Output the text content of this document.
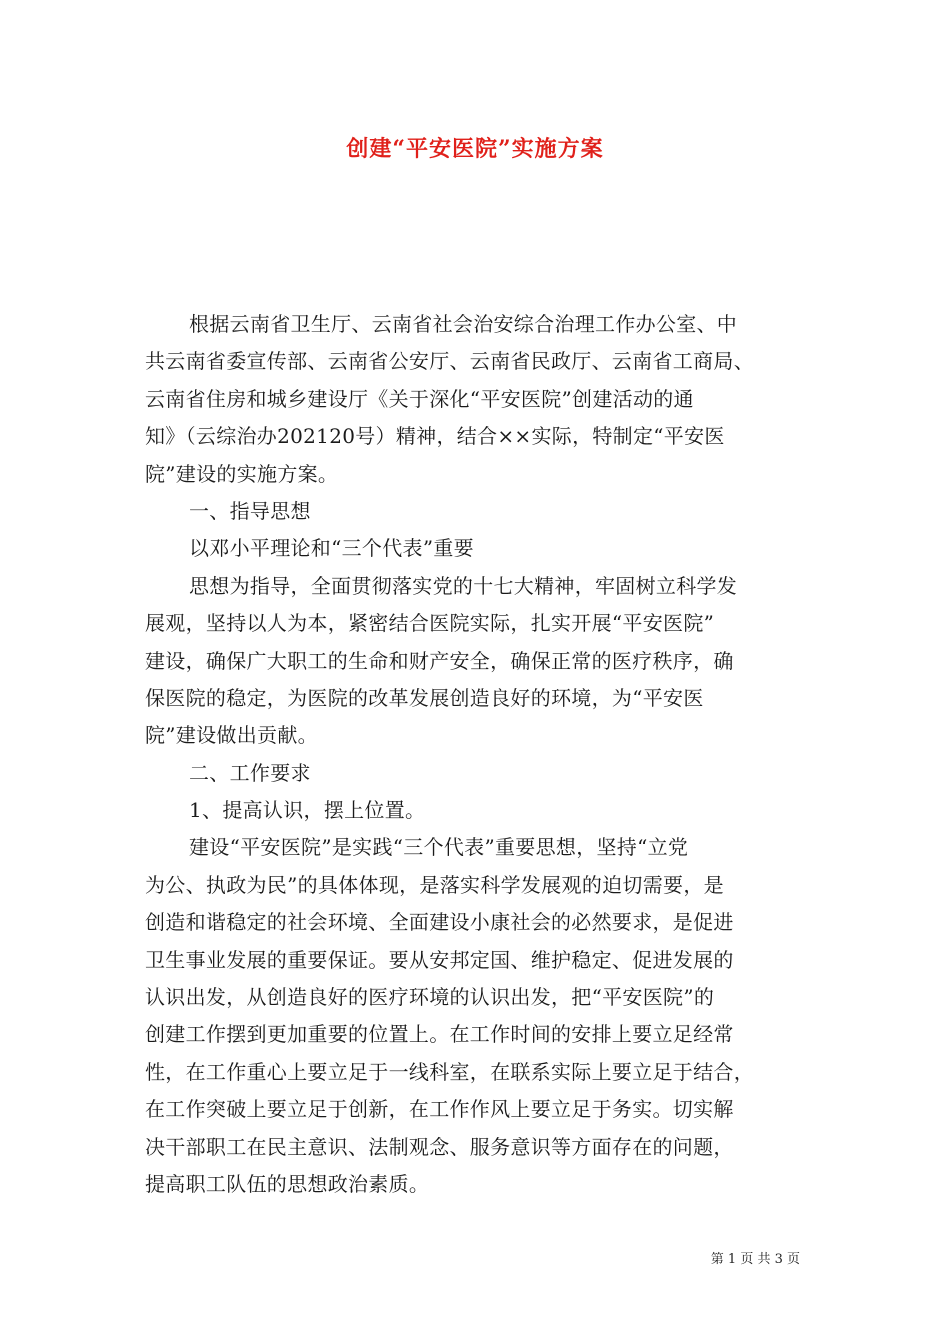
创建“平安医院”实施方案
根据云南省卫生厅、云南省社会治安综合治理工作办公室、中
共云南省委宣传部、云南省公安厅、云南省民政厅、云南省工商局、
云南省住房和城乡建设厅《关于深化“平安医院”创建活动的通
知》（云综治办202120号）精神，结合××实际，特制定“平安医
院”建设的实施方案。
一、指导思想
以邓小平理论和“三个代表”重要
思想为指导，全面贯彻落实党的十七大精神，牢固树立科学发
展观，坚持以人为本，紧密结合医院实际，扎实开展“平安医院”
建设，确保广大职工的生命和财产安全，确保正常的医疗秩序，确
保医院的稳定，为医院的改革发展创造良好的环境，为“平安医
院”建设做出贡献。
二、工作要求
1、提高认识，摆上位置。
建设“平安医院”是实践“三个代表”重要思想，坚持“立党
为公、执政为民”的具体体现，是落实科学发展观的迫切需要，是
创造和谐稳定的社会环境、全面建设小康社会的必然要求，是促进
卫生事业发展的重要保证。要从安邦定国、维护稳定、促进发展的
认识出发，从创造良好的医疗环境的认识出发，把“平安医院”的
创建工作摆到更加重要的位置上。在工作时间的安排上要立足经常
性，在工作重心上要立足于一线科室，在联系实际上要立足于结合，
在工作突破上要立足于创新，在工作作风上要立足于务实。切实解
决干部职工在民主意识、法制观念、服务意识等方面存在的问题，
提高职工队伍的思想政治素质。
第 1 页 共 3 页
